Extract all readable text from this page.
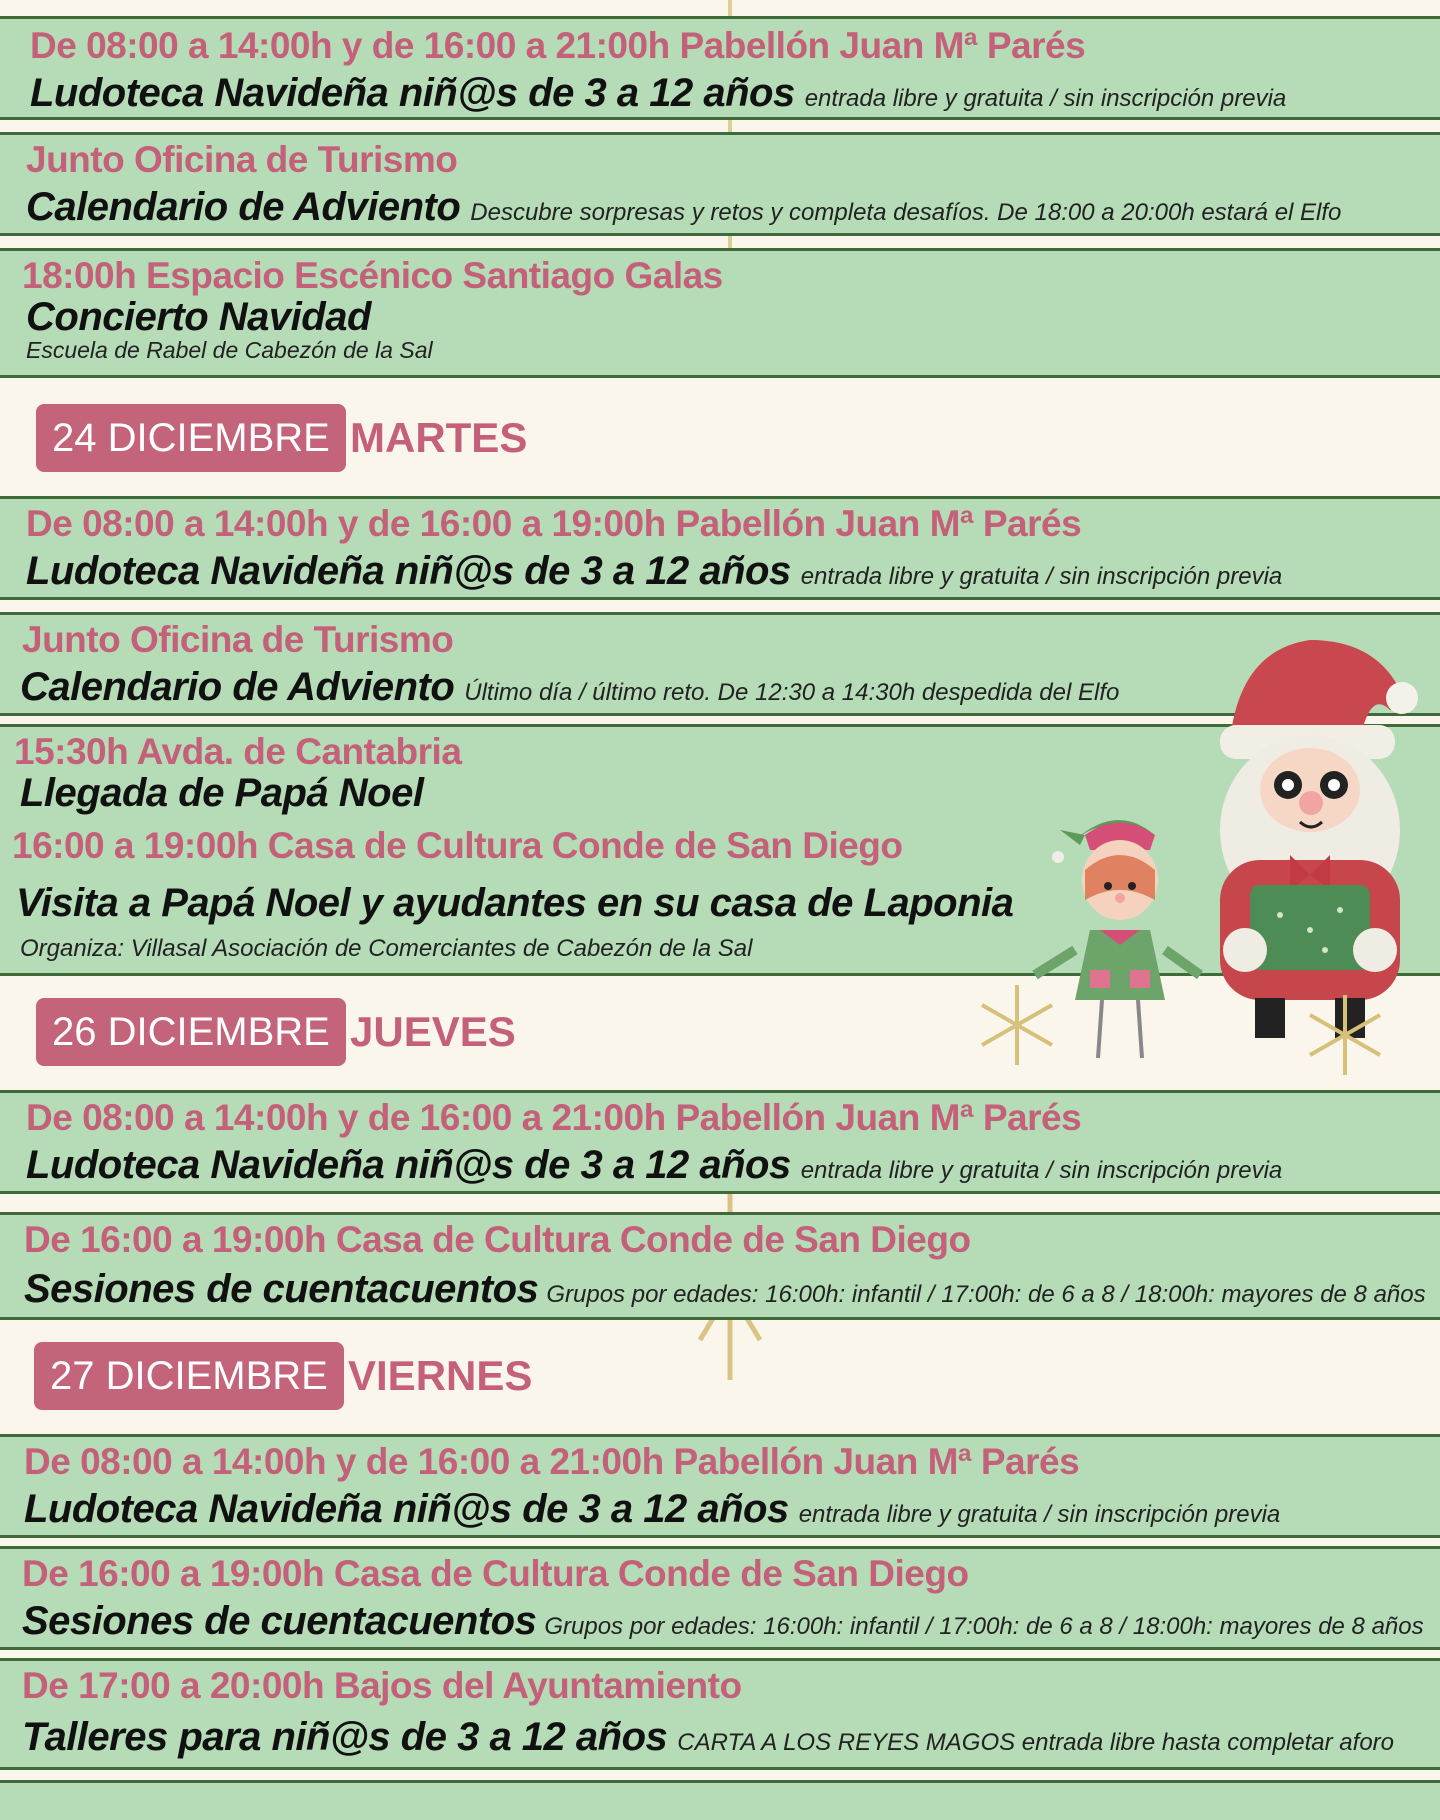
De 08:00 a 14:00h y de 16:00 a 21:00h Pabellón Juan Mª Parés
Ludoteca Navideña niñ@s de 3 a 12 años entrada libre y gratuita / sin inscripción previa
Junto Oficina de Turismo
Calendario de Adviento Descubre sorpresas y retos y completa desafíos. De 18:00 a 20:00h estará el Elfo
18:00h Espacio Escénico Santiago Galas
Concierto Navidad
Escuela de Rabel de Cabezón de la Sal
24 DICIEMBRE MARTES
De 08:00 a 14:00h y de 16:00 a 19:00h Pabellón Juan Mª Parés
Ludoteca Navideña niñ@s de 3 a 12 años entrada libre y gratuita / sin inscripción previa
Junto Oficina de Turismo
Calendario de Adviento Último día / último reto. De 12:30 a 14:30h despedida del Elfo
15:30h Avda. de Cantabria
Llegada de Papá Noel
16:00 a 19:00h Casa de Cultura Conde de San Diego
Visita a Papá Noel y ayudantes en su casa de Laponia
Organiza: Villasal Asociación de Comerciantes de Cabezón de la Sal
26 DICIEMBRE JUEVES
De 08:00 a 14:00h y de 16:00 a 21:00h Pabellón Juan Mª Parés
Ludoteca Navideña niñ@s de 3 a 12 años entrada libre y gratuita / sin inscripción previa
De 16:00 a 19:00h Casa de Cultura Conde de San Diego
Sesiones de cuentacuentos Grupos por edades: 16:00h: infantil / 17:00h: de 6 a 8 / 18:00h: mayores de 8 años
27 DICIEMBRE VIERNES
De 08:00 a 14:00h y de 16:00 a 21:00h Pabellón Juan Mª Parés
Ludoteca Navideña niñ@s de 3 a 12 años entrada libre y gratuita / sin inscripción previa
De 16:00 a 19:00h Casa de Cultura Conde de San Diego
Sesiones de cuentacuentos Grupos por edades: 16:00h: infantil / 17:00h: de 6 a 8 / 18:00h: mayores de 8 años
De 17:00 a 20:00h Bajos del Ayuntamiento
Talleres para niñ@s de 3 a 12 años CARTA A LOS REYES MAGOS entrada libre hasta completar aforo
